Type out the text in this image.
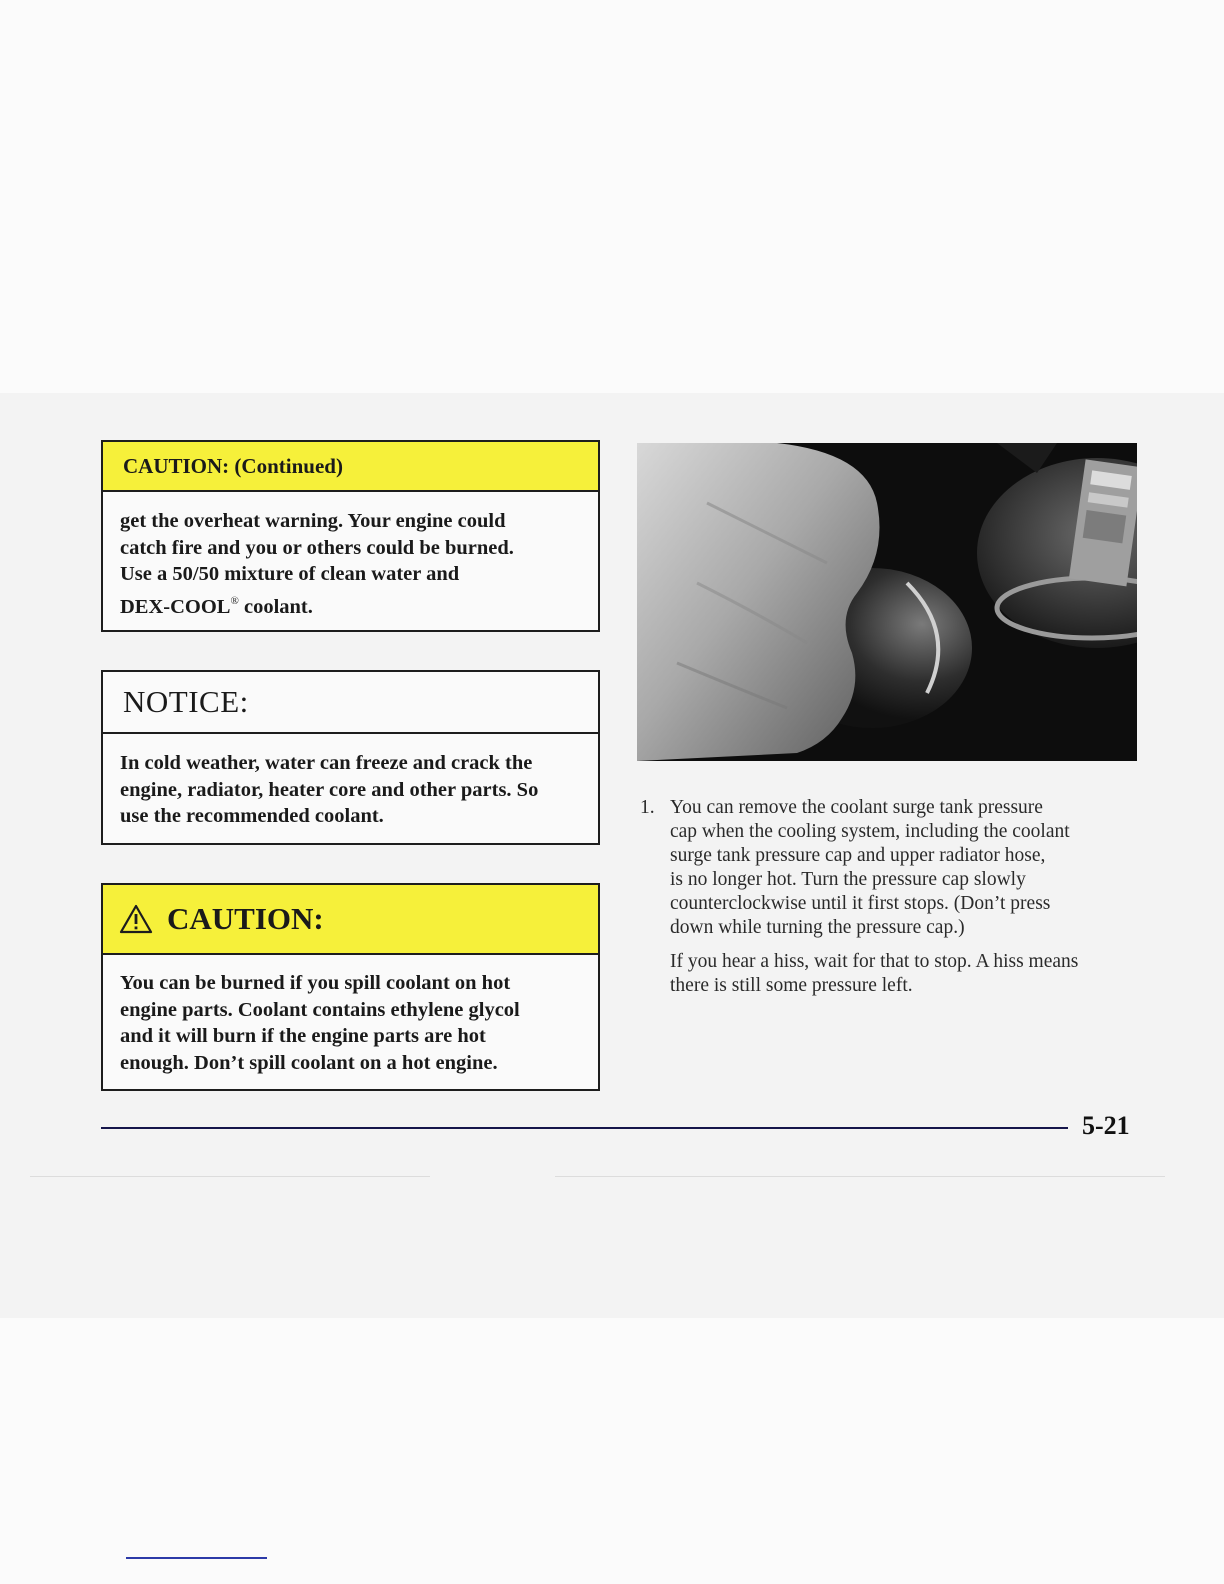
CAUTION: (Continued)

get the overheat warning. Your engine could

catch fire and you or others could be burned.

Use a 50/50 mixture of clean water and

DEX-COOL® coolant.

NOTICE:

In cold weather, water can freeze and crack the

engine, radiator, heater core and other parts. So

use the recommended coolant.

CAUTION:

You can be burned if you spill coolant on hot

engine parts. Coolant contains ethylene glycol

and it will burn if the engine parts are hot

enough. Don’t spill coolant on a hot engine.

1. You can remove the coolant surge tank pressure
cap when the cooling system, including the coolant
surge tank pressure cap and upper radiator hose,
is no longer hot. Turn the pressure cap slowly
counterclockwise until it first stops. (Don’t press
down while turning the pressure cap.)

If you hear a hiss, wait for that to stop. A hiss means
there is still some pressure left.

5-21
